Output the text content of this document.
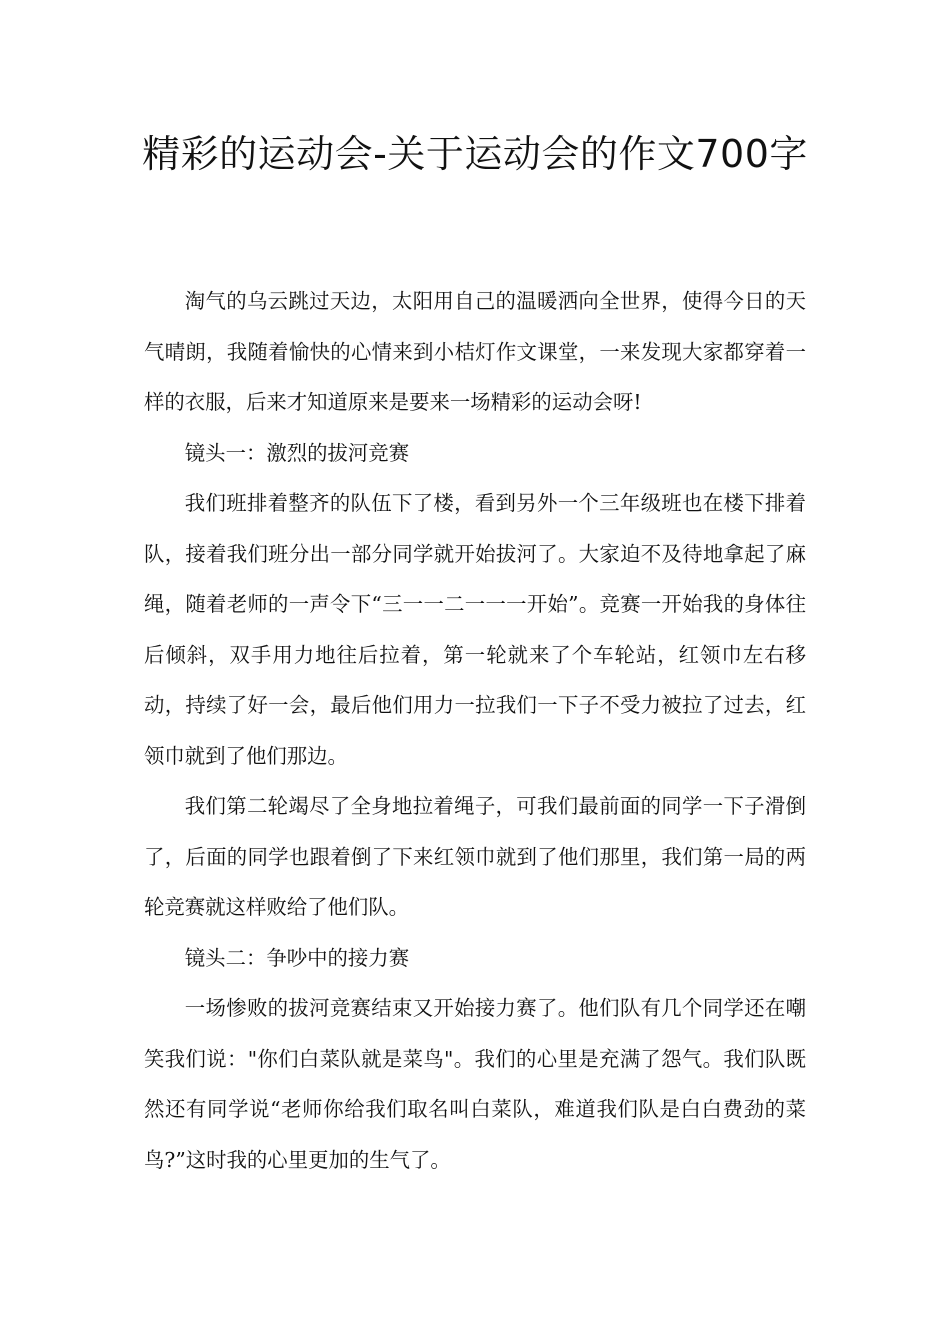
精彩的运动会-关于运动会的作文700字

淘气的乌云跳过天边，太阳用自己的温暖洒向全世界，使得今日的天气晴朗，我随着愉快的心情来到小桔灯作文课堂，一来发现大家都穿着一样的衣服，后来才知道原来是要来一场精彩的运动会呀!

镜头一：激烈的拔河竞赛

我们班排着整齐的队伍下了楼，看到另外一个三年级班也在楼下排着队，接着我们班分出一部分同学就开始拔河了。大家迫不及待地拿起了麻绳，随着老师的一声令下“三一一二一一一开始”。竞赛一开始我的身体往后倾斜，双手用力地往后拉着，第一轮就来了个车轮站，红领巾左右移动，持续了好一会，最后他们用力一拉我们一下子不受力被拉了过去，红领巾就到了他们那边。

我们第二轮竭尽了全身地拉着绳子，可我们最前面的同学一下子滑倒了，后面的同学也跟着倒了下来红领巾就到了他们那里，我们第一局的两轮竞赛就这样败给了他们队。

镜头二：争吵中的接力赛

一场惨败的拔河竞赛结束又开始接力赛了。他们队有几个同学还在嘲笑我们说："你们白菜队就是菜鸟"。我们的心里是充满了怨气。我们队既然还有同学说“老师你给我们取名叫白菜队，难道我们队是白白费劲的菜鸟?”这时我的心里更加的生气了。
